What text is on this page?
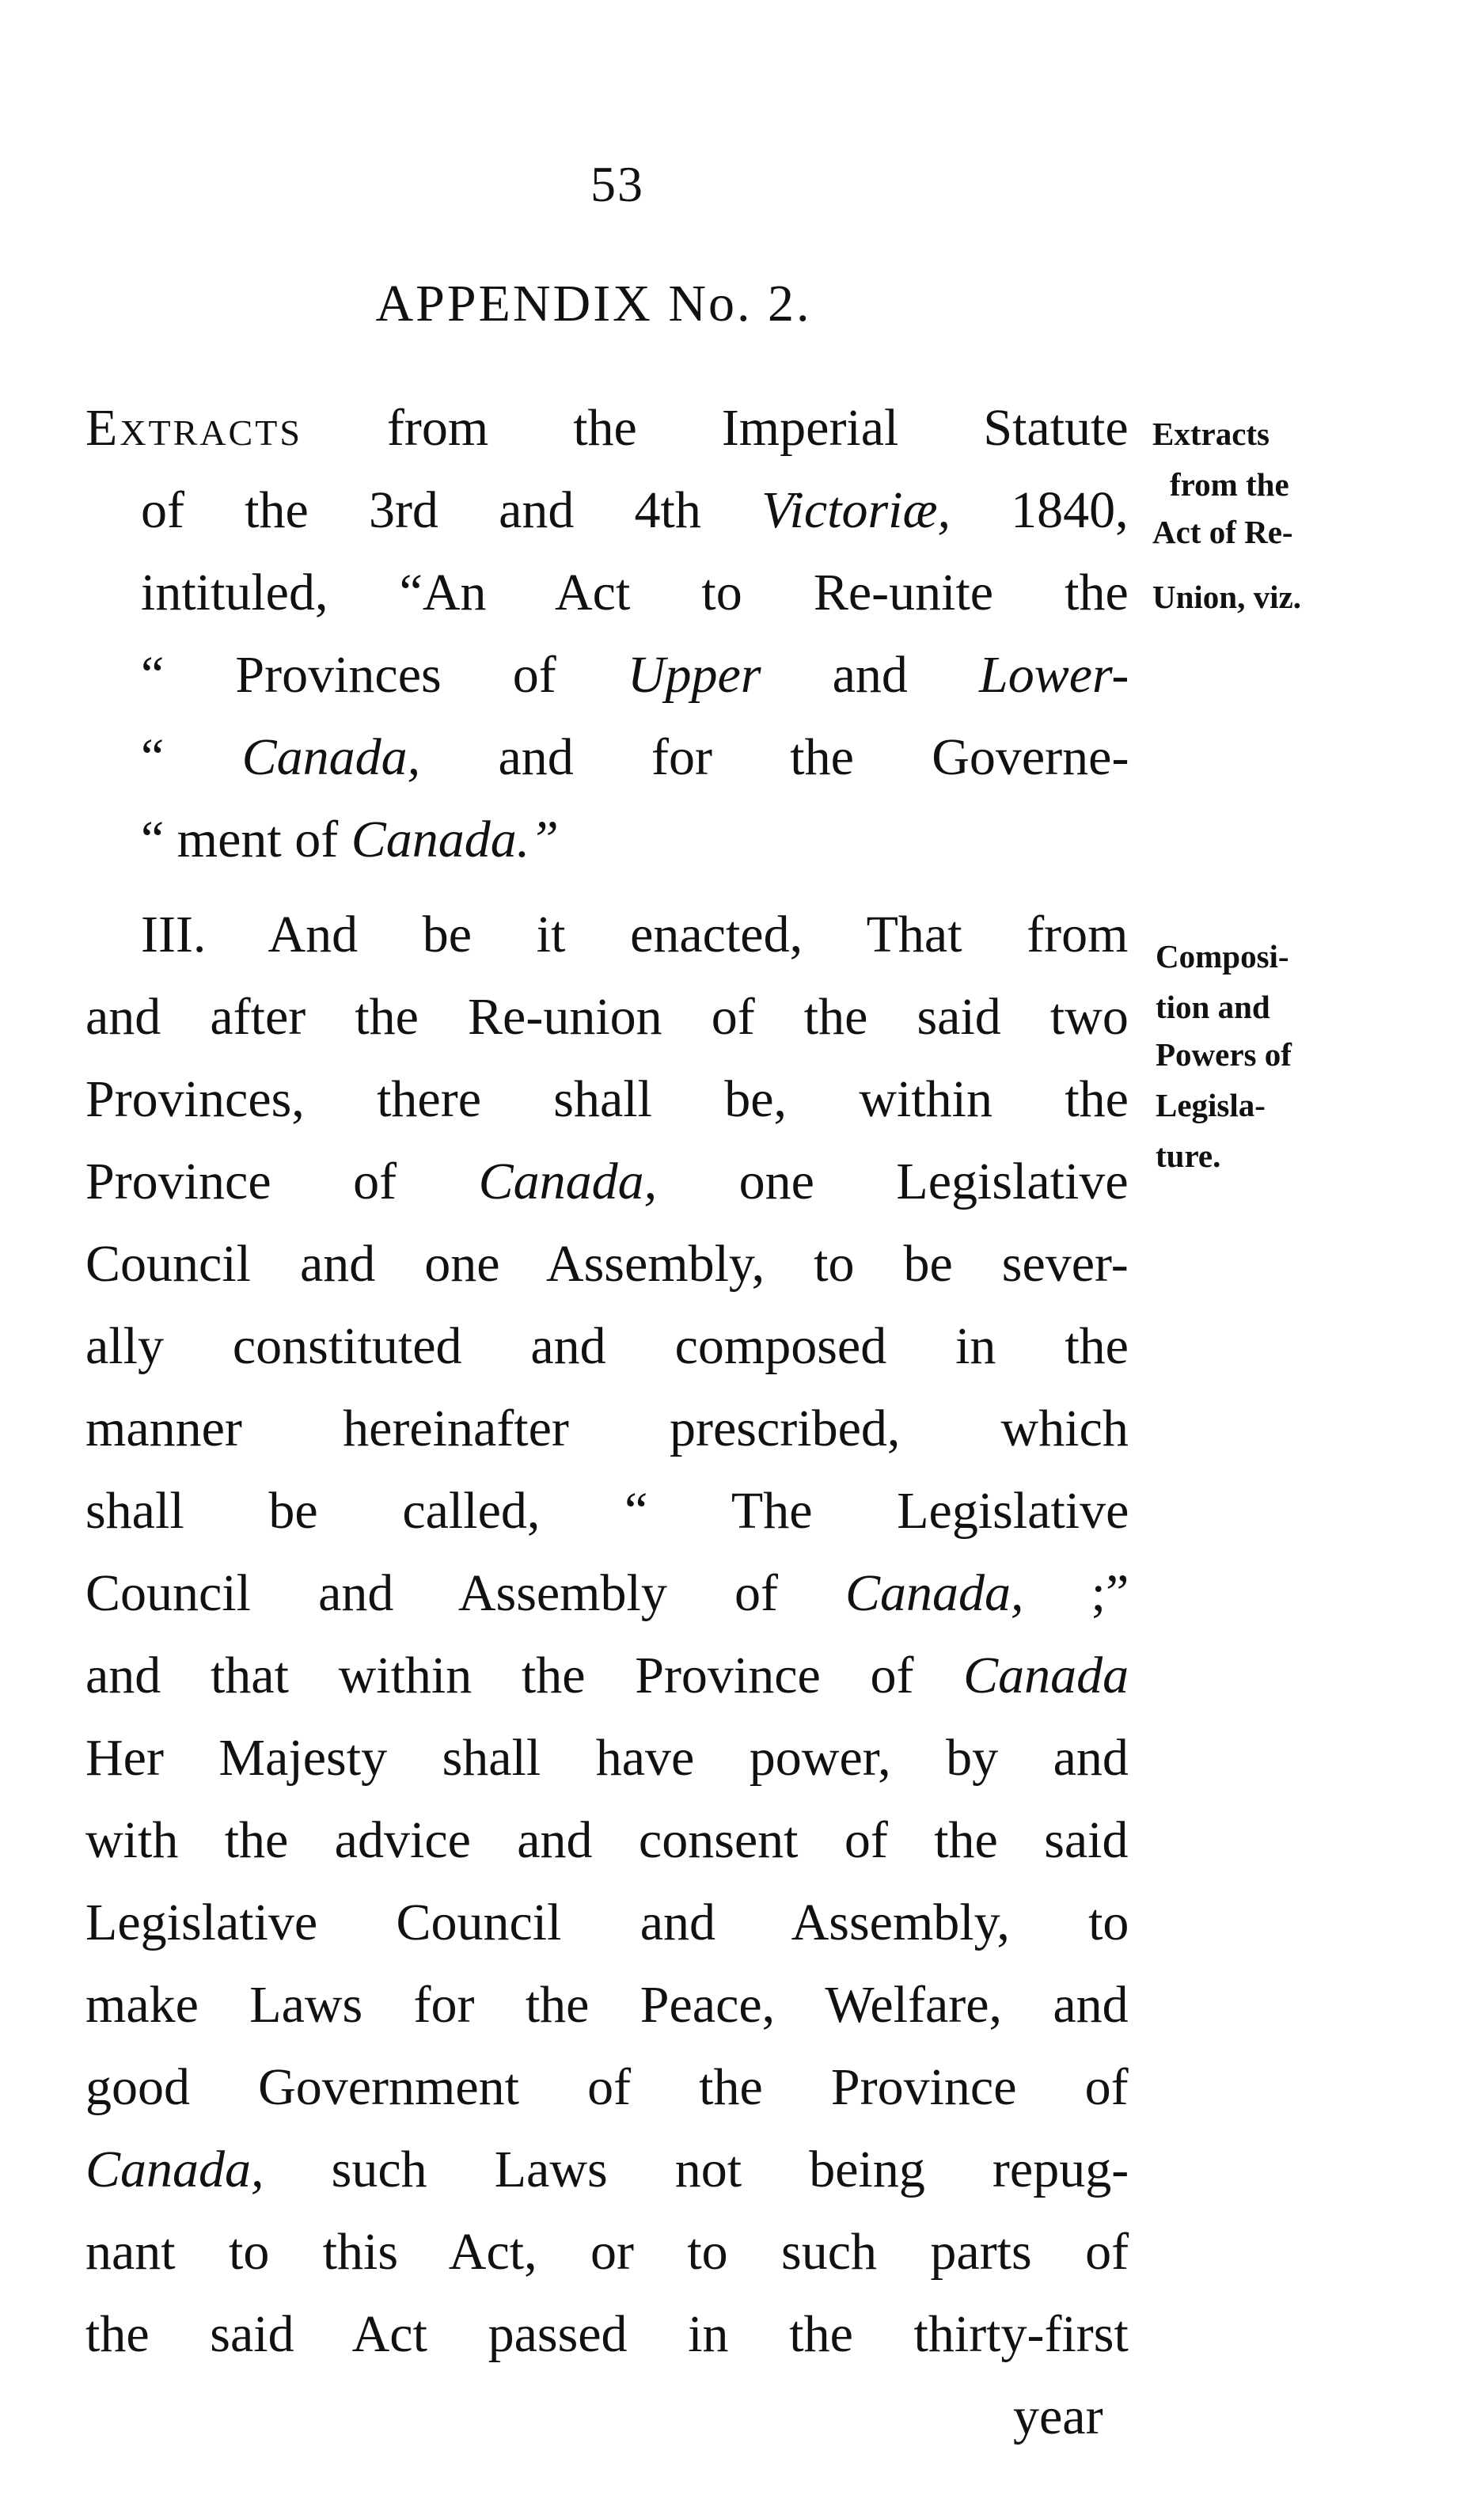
53
APPENDIX No. 2.
Extracts from the Imperial Statute
of the 3rd and 4th Victoriæ, 1840,
intituled, “An Act to Re-unite the
“ Provinces of Upper and Lower-
“ Canada, and for the Governe-
“ ment of Canada.”
III. And be it enacted, That from
and after the Re-union of the said two
Provinces, there shall be, within the
Province of Canada, one Legislative
Council and one Assembly, to be sever-
ally constituted and composed in the
manner hereinafter prescribed, which
shall be called, “ The Legislative
Council and Assembly of Canada, ;”
and that within the Province of Canada
Her Majesty shall have power, by and
with the advice and consent of the said
Legislative Council and Assembly, to
make Laws for the Peace, Welfare, and
good Government of the Province of
Canada, such Laws not being repug-
nant to this Act, or to such parts of
the said Act passed in the thirty-first
year
Extracts
from the
Act of Re-
Union, viz.
Composi-
tion and
Powers of
Legisla-
ture.
